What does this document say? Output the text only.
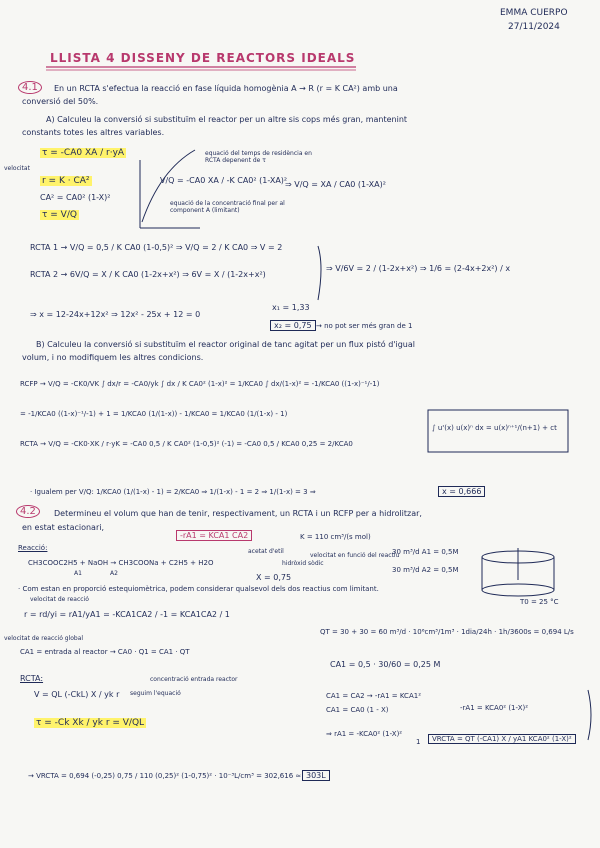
EMMA CUERPO
27/11/2024
LLISTA 4 DISSENY DE REACTORS IDEALS
4.1	En un RCTA s'efectua la reacció en fase líquida homogènia A → R (r = K CA²) amb una
conversió del 50%.
A) Calculeu la conversió si substituïm el reactor per un altre sis cops més gran, mantenint
constants totes les altres variables.
τ = -CA0 XA / r·yA
velocitat
r = K · CA²
CA² = CA0² (1-X)²
τ = V/Q
equació del temps de residència en RCTA depenent de τ
V/Q = -CA0 XA / -K CA0² (1-XA)²
⇒ V/Q = XA / CA0 (1-XA)²
equació de la concentració final per al component A (limitant)
RCTA 1 → V/Q = 0,5 / K CA0 (1-0,5)² ⇒ V/Q = 2 / K CA0 ⇒ V = 2
RCTA 2 → 6V/Q = X / K CA0 (1-2x+x²) ⇒ 6V = X / (1-2x+x²)
⇒ V/6V = 2 / (1-2x+x²) ⇒ 1/6 = (2-4x+2x²) / x
⇒ x = 12-24x+12x² ⇒ 12x² - 25x + 12 = 0
x₁ = 1,33
x₂ = 0,75 → no pot ser més gran de 1
B) Calculeu la conversió si substituïm el reactor original de tanc agitat per un flux pistó d'igual
volum, i no modifiquem les altres condicions.
RCFP → V/Q = -CK0/VK ∫ dx/r = -CA0/yk ∫ dx / K CA0² (1-x)² = 1/KCA0 ∫ dx/(1-x)² = -1/KCA0 ((1-x)⁻¹/-1)
= -1/KCA0 ((1-x)⁻¹/-1) + 1 = 1/KCA0 (1/(1-x)) - 1/KCA0 = 1/KCA0 (1/(1-x) - 1)
∫ u'(x) u(x)ⁿ dx = u(x)ⁿ⁺¹/(n+1) + ct
RCTA → V/Q = -CK0·XK / r·yK = -CA0 0,5 / K CA0² (1-0,5)² (-1) = -CA0 0,5 / KCA0 0,25 = 2/KCA0
· Igualem per V/Q: 1/KCA0 (1/(1-x) - 1) = 2/KCA0 ⇒ 1/(1-x) - 1 = 2 ⇒ 1/(1-x) = 3 ⇒	x = 0,666
4.2	Determineu el volum que han de tenir, respectivament, un RCTA i un RCFP per a hidrolitzar,
en estat estacionari,
-rA1 = KCA1 CA2	K = 110 cm³/(s mol)
Reacció:
CH3COOC2H5 + NaOH → CH3COONa + C2H5 + H2O
A1	A2
acetat d'etil
hidròxid sòdic
velocitat en funció del reactiu
X = 0,75
30 m³/d A1 = 0,5M
30 m³/d A2 = 0,5M
T0 = 25 °C
· Com estan en proporció estequiomètrica, podem considerar qualsevol dels dos reactius com limitant.
velocitat de reacció
r = rd/yi = rA1/yA1 = -KCA1CA2 / -1 = KCA1CA2 / 1
velocitat de reacció global
QT = 30 + 30 = 60 m³/d · 10⁶cm³/1m³ · 1dia/24h · 1h/3600s = 0,694 L/s
CA1 = entrada al reactor → CA0 · Q1 = CA1 · QT
CA1 = 0,5 · 30/60 = 0,25 M
RCTA:	concentració entrada reactor
V = QL (-CkL) X / yk r seguim l'equació
τ = -Ck Xk / yk r = V/QL
CA1 = CA2 → -rA1 = KCA1²
CA1 = CA0 (1 - X)	-rA1 = KCA0² (1-X)²
⇒ rA1 = -KCA0² (1-X)²
VRCTA = QT (-CA1) X / yA1 KCA0² (1-X)²
1
→ VRCTA = 0,694 (-0,25) 0,75 / 110 (0,25)² (1-0,75)² · 10⁻³L/cm³ = 302,616 ≃ 303L
